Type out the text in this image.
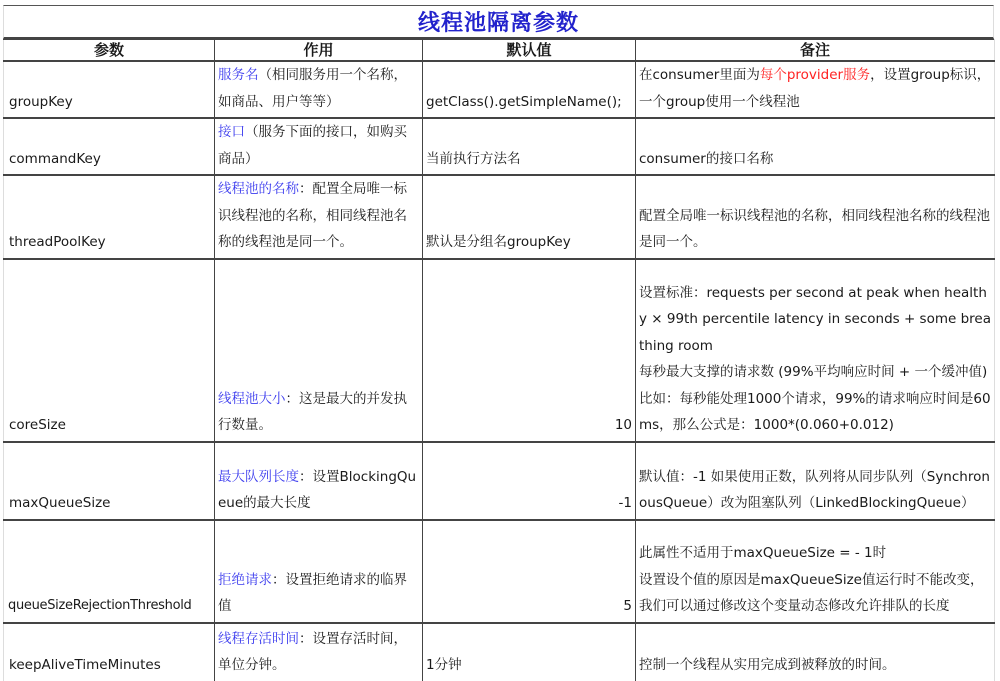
线程池隔离参数
参数	作用	默认值	备注
groupKey	服务名（相同服务用一个名称，如商品、用户等等）	getClass().getSimpleName();	在consumer里面为每个provider服务，设置group标识，一个group使用一个线程池
commandKey	接口（服务下面的接口，如购买商品）	当前执行方法名	consumer的接口名称
threadPoolKey	线程池的名称：配置全局唯一标识线程池的名称，相同线程池名称的线程池是同一个。	默认是分组名groupKey	配置全局唯一标识线程池的名称，相同线程池名称的线程池是同一个。
coreSize	线程池大小：这是最大的并发执行数量。	10	设置标准：requests per second at peak when healthy × 99th percentile latency in seconds + some breathing room
每秒最大支撑的请求数 (99%平均响应时间 + 一个缓冲值)
比如：每秒能处理1000个请求，99%的请求响应时间是60ms，那么公式是：1000*(0.060+0.012)

maxQueueSize	最大队列长度：设置BlockingQueue的最大长度	-1	默认值：-1 如果使用正数，队列将从同步队列（SynchronousQueue）改为阻塞队列（LinkedBlockingQueue）
queueSizeRejectionThreshold	拒绝请求：设置拒绝请求的临界值	5	此属性不适用于maxQueueSize = - 1时
设置设个值的原因是maxQueueSize值运行时不能改变，我们可以通过修改这个变量动态修改允许排队的长度

keepAliveTimeMinutes	线程存活时间：设置存活时间，单位分钟。	1分钟	控制一个线程从实用完成到被释放的时间。
